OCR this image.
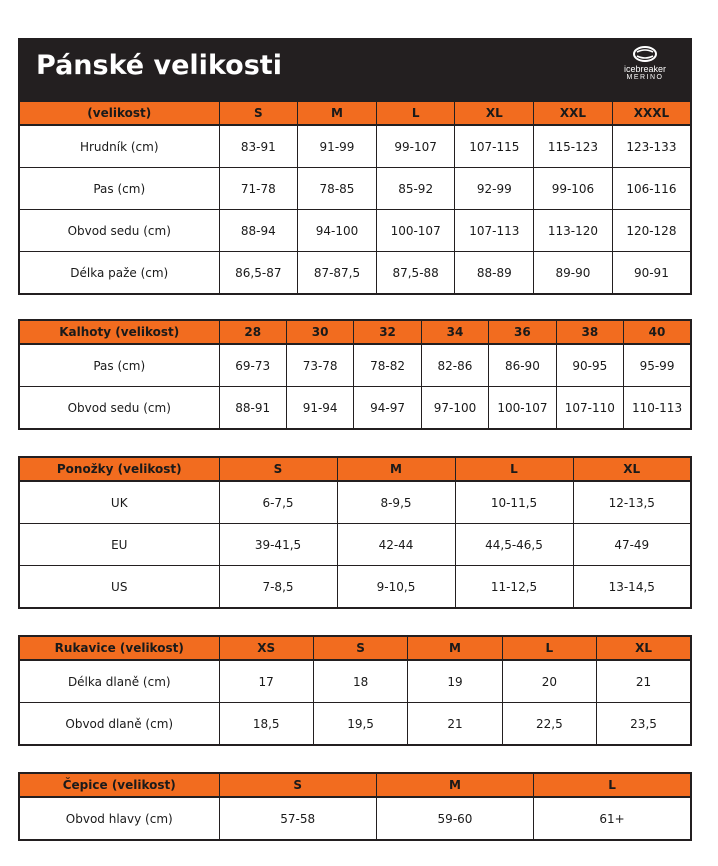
Pánské velikosti	icebreaker
MERINO
(velikost)	S	M	L	XL	XXL	XXXL
Hrudník (cm)	83-91	91-99	99-107	107-115	115-123	123-133
Pas (cm)	71-78	78-85	85-92	92-99	99-106	106-116
Obvod sedu (cm)	88-94	94-100	100-107	107-113	113-120	120-128
Délka paže (cm)	86,5-87	87-87,5	87,5-88	88-89	89-90	90-91
Kalhoty (velikost)	28	30	32	34	36	38	40
Pas (cm)	69-73	73-78	78-82	82-86	86-90	90-95	95-99
Obvod sedu (cm)	88-91	91-94	94-97	97-100	100-107	107-110	110-113
Ponožky (velikost)	S	M	L	XL
UK	6-7,5	8-9,5	10-11,5	12-13,5
EU	39-41,5	42-44	44,5-46,5	47-49
US	7-8,5	9-10,5	11-12,5	13-14,5
Rukavice (velikost)	XS	S	M	L	XL
Délka dlaně (cm)	17	18	19	20	21
Obvod dlaně (cm)	18,5	19,5	21	22,5	23,5
Čepice (velikost)	S	M	L
Obvod hlavy (cm)	57-58	59-60	61+
